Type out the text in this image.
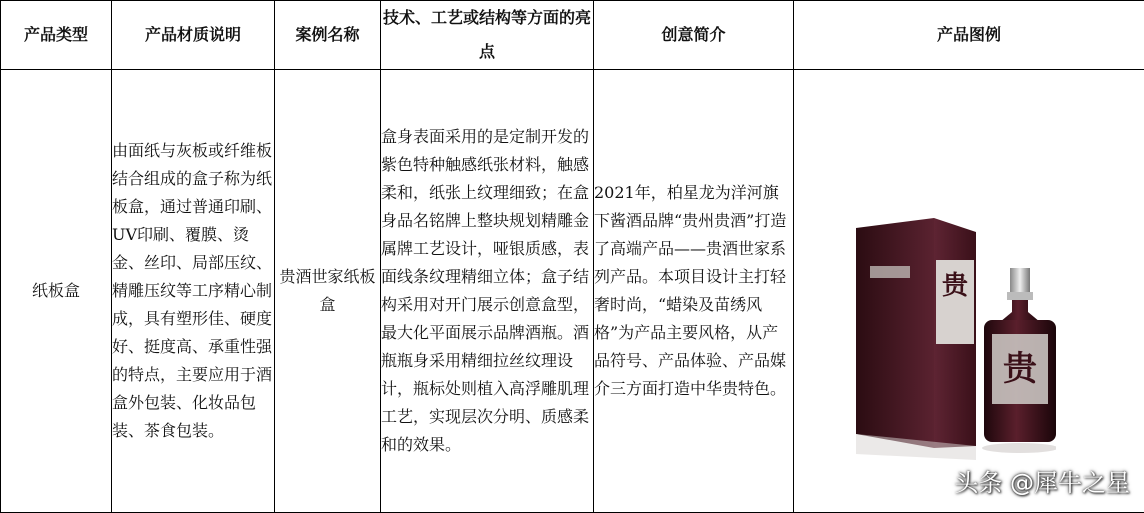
产品类型	产品材质说明	案例名称	技术、工艺或结构等方面的亮点	创意简介	产品图例
纸板盒	由面纸与灰板或纤维板结合组成的盒子称为纸板盒，通过普通印刷、UV印刷、覆膜、烫金、丝印、局部压纹、精雕压纹等工序精心制成，具有塑形佳、硬度好、挺度高、承重性强的特点，主要应用于酒盒外包装、化妆品包装、茶食包装。	贵酒世家纸板盒	盒身表面采用的是定制开发的紫色特种触感纸张材料，触感柔和，纸张上纹理细致；在盒身品名铭牌上整块规划精雕金属牌工艺设计，哑银质感，表面线条纹理精细立体；盒子结构采用对开门展示创意盒型，最大化平面展示品牌酒瓶。酒瓶瓶身采用精细拉丝纹理设计，瓶标处则植入高浮雕肌理工艺，实现层次分明、质感柔和的效果。	2021年，柏星龙为洋河旗下酱酒品牌“贵州贵酒”打造了高端产品——贵酒世家系列产品。本项目设计主打轻奢时尚，“蜡染及苗绣风格”为产品主要风格，从产品符号、产品体验、产品媒介三方面打造中华贵特色。	贵
贵
头条 @犀牛之星
